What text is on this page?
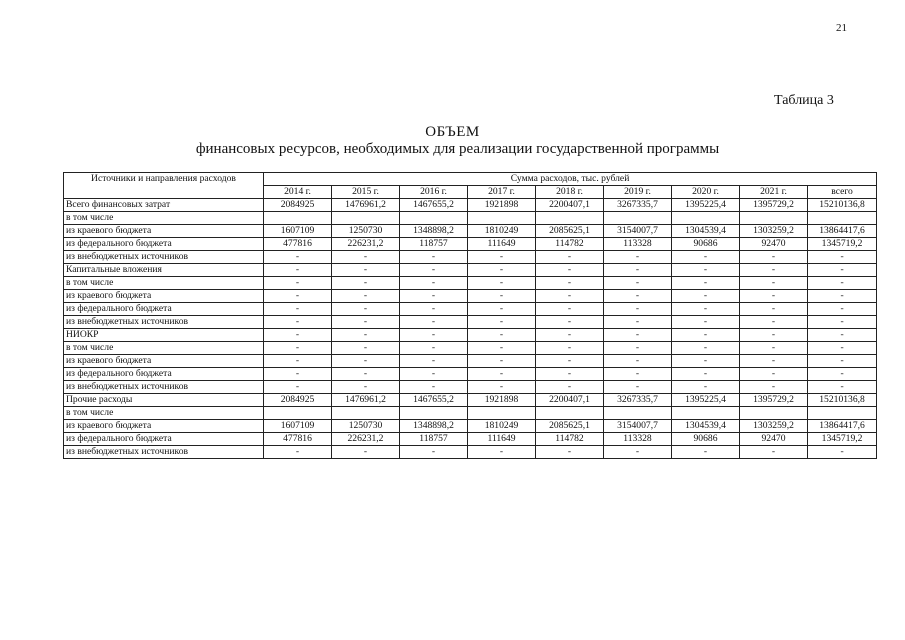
21
Таблица 3
ОБЪЕМ
финансовых ресурсов, необходимых для реализации государственной программы
Источники и направления расходов	Сумма расходов, тыс. рублей								
	2014 г.	2015 г.	2016 г.	2017 г.	2018 г.	2019 г.	2020 г.	2021 г.	всего
Всего финансовых затрат	2084925	1476961,2	1467655,2	1921898	2200407,1	3267335,7	1395225,4	1395729,2	15210136,8
в том числе									
из краевого бюджета	1607109	1250730	1348898,2	1810249	2085625,1	3154007,7	1304539,4	1303259,2	13864417,6
из федерального бюджета	477816	226231,2	118757	111649	114782	113328	90686	92470	1345719,2
из внебюджетных источников	-	-	-	-	-	-	-	-	-
Капитальные вложения	-	-	-	-	-	-	-	-	-
в том числе	-	-	-	-	-	-	-	-	-
из краевого бюджета	-	-	-	-	-	-	-	-	-
из федерального бюджета	-	-	-	-	-	-	-	-	-
из внебюджетных источников	-	-	-	-	-	-	-	-	-
НИОКР	-	-	-	-	-	-	-	-	-
в том числе	-	-	-	-	-	-	-	-	-
из краевого бюджета	-	-	-	-	-	-	-	-	-
из федерального бюджета	-	-	-	-	-	-	-	-	-
из внебюджетных источников	-	-	-	-	-	-	-	-	-
Прочие расходы	2084925	1476961,2	1467655,2	1921898	2200407,1	3267335,7	1395225,4	1395729,2	15210136,8
в том числе									
из краевого бюджета	1607109	1250730	1348898,2	1810249	2085625,1	3154007,7	1304539,4	1303259,2	13864417,6
из федерального бюджета	477816	226231,2	118757	111649	114782	113328	90686	92470	1345719,2
из внебюджетных источников	-	-	-	-	-	-	-	-	-
